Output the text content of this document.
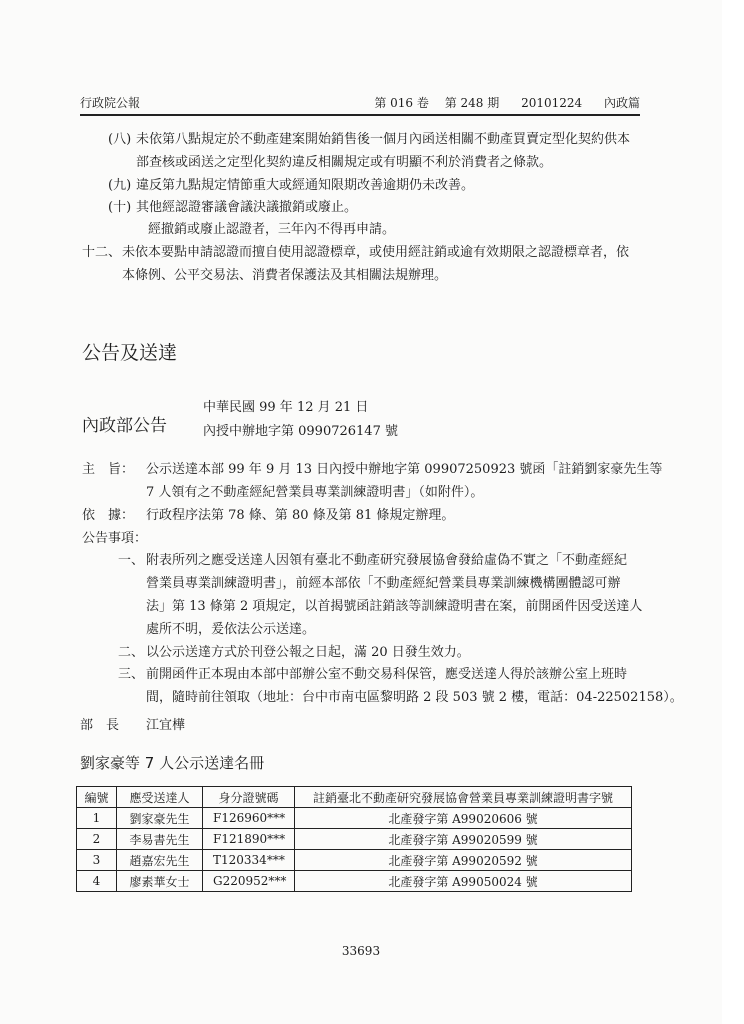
行政院公報	第 016 卷 第 248 期 20101224 內政篇
(八) 未依第八點規定於不動產建案開始銷售後一個月內函送相關不動產買賣定型化契約供本
部查核或函送之定型化契約違反相關規定或有明顯不利於消費者之條款。
(九) 違反第九點規定情節重大或經通知限期改善逾期仍未改善。
(十) 其他經認證審議會議決議撤銷或廢止。
經撤銷或廢止認證者，三年內不得再申請。
十二、 未依本要點申請認證而擅自使用認證標章，或使用經註銷或逾有效期限之認證標章者，依
本條例、公平交易法、消費者保護法及其相關法規辦理。
公告及送達
內政部公告
中華民國 99 年 12 月 21 日
內授中辦地字第 0990726147 號
主　旨： 公示送達本部 99 年 9 月 13 日內授中辦地字第 09907250923 號函「註銷劉家豪先生等
7 人領有之不動產經紀營業員專業訓練證明書」（如附件）。
依　據： 行政程序法第 78 條、第 80 條及第 81 條規定辦理。
公告事項：
一、 附表所列之應受送達人因領有臺北不動產研究發展協會發給虛偽不實之「不動產經紀
營業員專業訓練證明書」，前經本部依「不動產經紀營業員專業訓練機構團體認可辦
法」第 13 條第 2 項規定，以首揭號函註銷該等訓練證明書在案，前開函件因受送達人
處所不明，爰依法公示送達。
二、 以公示送達方式於刊登公報之日起，滿 20 日發生效力。
三、 前開函件正本現由本部中部辦公室不動交易科保管，應受送達人得於該辦公室上班時
間，隨時前往領取（地址：台中市南屯區黎明路 2 段 503 號 2 樓，電話：04-22502158）。
部　長 江宜樺
劉家豪等 7 人公示送達名冊
編號	應受送達人	身分證號碼	註銷臺北不動產研究發展協會營業員專業訓練證明書字號
1	劉家豪先生	F126960***	北產發字第 A99020606 號
2	李易書先生	F121890***	北產發字第 A99020599 號
3	趙嘉宏先生	T120334***	北產發字第 A99020592 號
4	廖素華女士	G220952***	北產發字第 A99050024 號
33693
